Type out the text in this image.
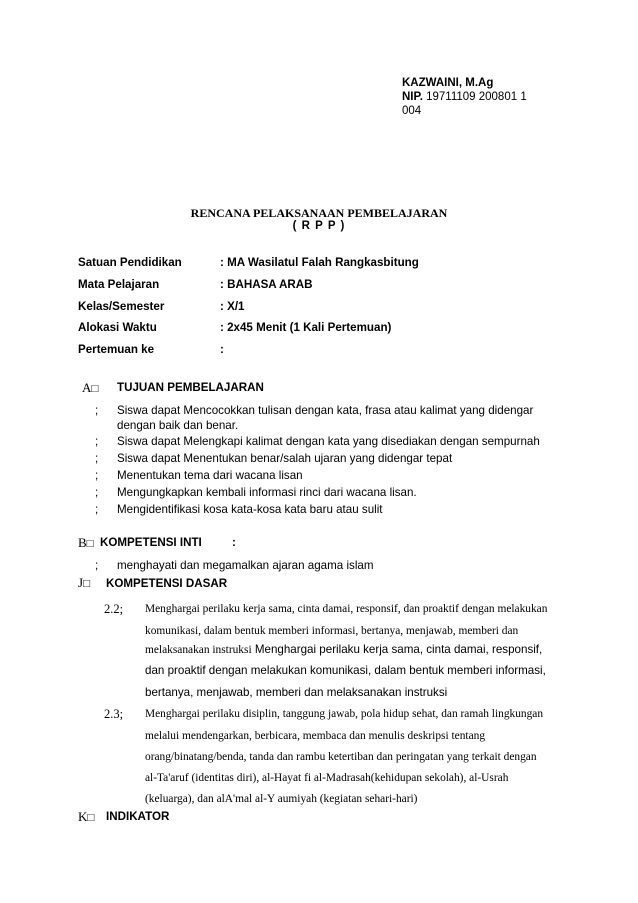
KAZWAINI, M.Ag
NIP. 19711109 200801 1
004
RENCANA PELAKSANAAN PEMBELAJARAN
( R P P )
Satuan Pendidikan	: MA Wasilatul Falah Rangkasbitung
Mata Pelajaran	: BAHASA ARAB
Kelas/Semester	: X/1
Alokasi Waktu	: 2x45 Menit (1 Kali Pertemuan)
Pertemuan ke	:
A□ TUJUAN PEMBELAJARAN
; Siswa dapat Mencocokkan tulisan dengan kata, frasa atau kalimat yang didengar
dengan baik dan benar.
; Siswa dapat Melengkapi kalimat dengan kata yang disediakan dengan sempurnah
; Siswa dapat Menentukan benar/salah ujaran yang didengar tepat
; Menentukan tema dari wacana lisan
; Mengungkapkan kembali informasi rinci dari wacana lisan.
; Mengidentifikasi kosa kata-kosa kata baru atau sulit
B□ KOMPETENSI INTI	:
; menghayati dan megamalkan ajaran agama islam
J□ KOMPETENSI DASAR
2.2; Menghargai perilaku kerja sama, cinta damai, responsif, dan proaktif dengan melakukan
komunikasi, dalam bentuk memberi informasi, bertanya, menjawab, memberi dan
melaksanakan instruksi Menghargai perilaku kerja sama, cinta damai, responsif,
dan proaktif dengan melakukan komunikasi, dalam bentuk memberi informasi,
bertanya, menjawab, memberi dan melaksanakan instruksi
2.3; Menghargai perilaku disiplin, tanggung jawab, pola hidup sehat, dan ramah lingkungan
melalui mendengarkan, berbicara, membaca dan menulis deskripsi tentang
orang/binatang/benda, tanda dan rambu ketertiban dan peringatan yang terkait dengan
al-Ta'aruf (identitas diri), al-Hayat fi al-Madrasah(kehidupan sekolah), al-Usrah
(keluarga), dan alA'mal al-Y aumiyah (kegiatan sehari-hari)
K□ INDIKATOR
